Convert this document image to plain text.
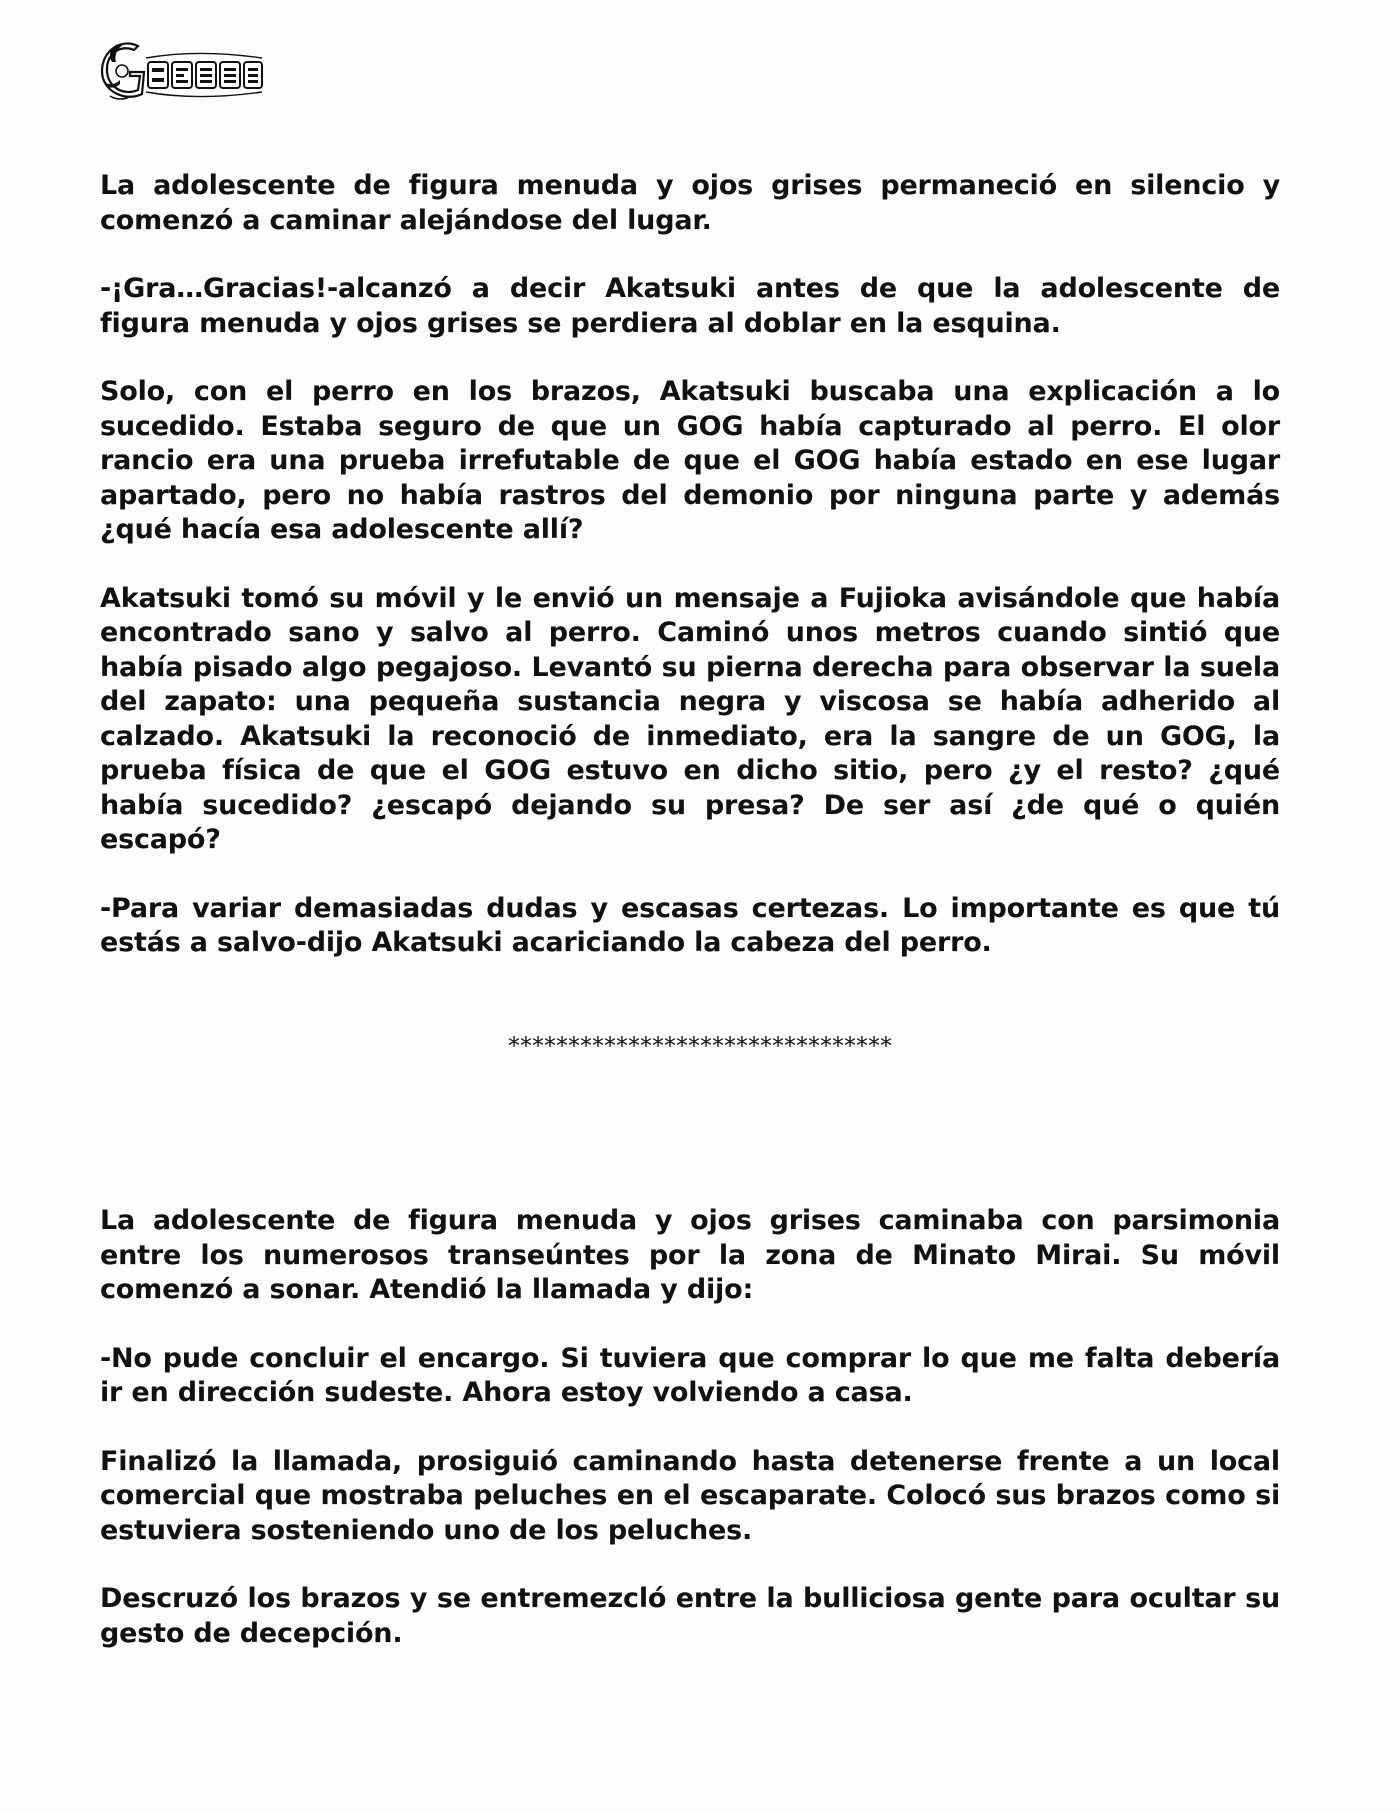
La adolescente de figura menuda y ojos grises permaneció en silencio y comenzó a caminar alejándose del lugar.

-¡Gra…Gracias!-alcanzó a decir Akatsuki antes de que la adolescente de figura menuda y ojos grises se perdiera al doblar en la esquina.

Solo, con el perro en los brazos, Akatsuki buscaba una explicación a lo sucedido. Estaba seguro de que un GOG había capturado al perro. El olor rancio era una prueba irrefutable de que el GOG había estado en ese lugar apartado, pero no había rastros del demonio por ninguna parte y además ¿qué hacía esa adolescente allí?

Akatsuki tomó su móvil y le envió un mensaje a Fujioka avisándole que había encontrado sano y salvo al perro. Caminó unos metros cuando sintió que había pisado algo pegajoso. Levantó su pierna derecha para observar la suela del zapato: una pequeña sustancia negra y viscosa se había adherido al calzado. Akatsuki la reconoció de inmediato, era la sangre de un GOG, la prueba física de que el GOG estuvo en dicho sitio, pero ¿y el resto? ¿qué había sucedido? ¿escapó dejando su presa? De ser así ¿de qué o quién escapó?

-Para variar demasiadas dudas y escasas certezas. Lo importante es que tú estás a salvo-dijo Akatsuki acariciando la cabeza del perro.

********************************

La adolescente de figura menuda y ojos grises caminaba con parsimonia entre los numerosos transeúntes por la zona de Minato Mirai. Su móvil comenzó a sonar. Atendió la llamada y dijo:

-No pude concluir el encargo. Si tuviera que comprar lo que me falta debería ir en dirección sudeste. Ahora estoy volviendo a casa.

Finalizó la llamada, prosiguió caminando hasta detenerse frente a un local comercial que mostraba peluches en el escaparate. Colocó sus brazos como si estuviera sosteniendo uno de los peluches.

Descruzó los brazos y se entremezcló entre la bulliciosa gente para ocultar su gesto de decepción.
